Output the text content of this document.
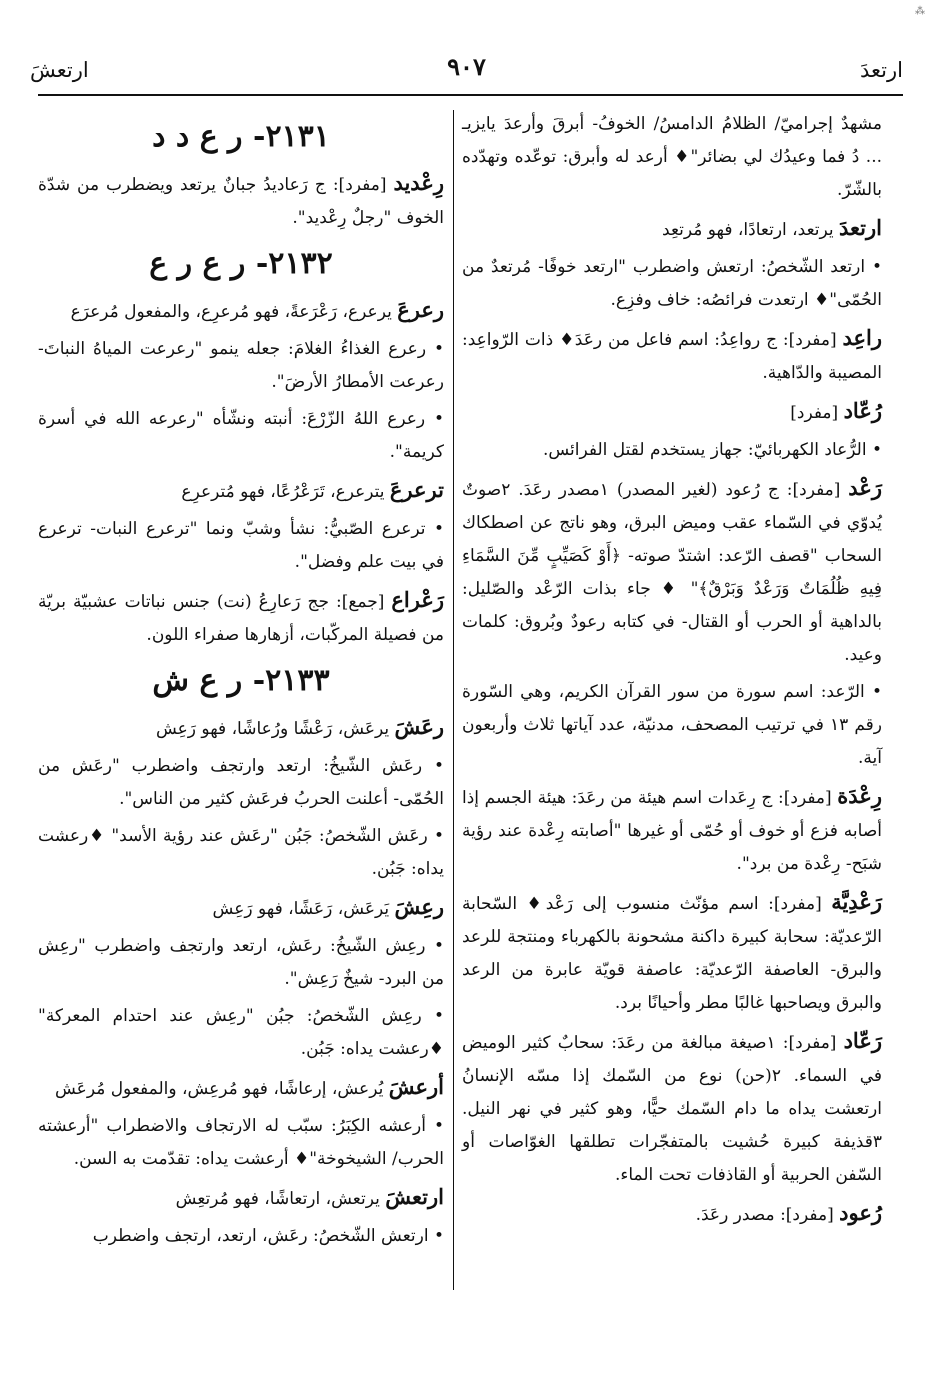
⁂
ارتعشَ	٩٠٧	ارتعدَ

مشهدٌ إجراميّ/ الظلامُ الدامسُ/ الخوفُ- أبرقَ وأرعدَ يايزيـ ... دُ فما وعيدُك لي بضائر"♦ أرعد له وأبرق: توعّده وتهدّده بالشّرّ.

ارتعدَ يرتعد، ارتعادًا، فهو مُرتعِد

• ارتعد الشّخصُ: ارتعش واضطرب "ارتعد خوفًا- مُرتعدٌ من الحُمّى"♦ ارتعدت فرائصُه: خاف وفزِع.

راعِد [مفرد]: ج رواعِدُ: اسم فاعل من رعَدَ♦ ذات الرّواعِد: المصيبة والدّاهية.

رُعّاد [مفرد]

• الرُّعاد الكهربائيّ: جهاز يستخدم لقتل الفرائس.

رَعْد [مفرد]: ج رُعود (لغير المصدر) ١مصدر رعَدَ. ٢صوتٌ يُدوّي في السّماء عقب وميض البرق، وهو ناتج عن اصطكاك السحاب "قصف الرّعد: اشتدّ صوته- ﴿أَوْ كَصَيِّبٍ مِّنَ السَّمَاءِ فِيهِ ظُلُمَاتٌ وَرَعْدٌ وَبَرْقٌ﴾" ♦ جاء بذات الرّعْد والصّليل: بالداهية أو الحرب أو القتال- في كتابه رعودٌ وبُروق: كلمات وعيد.

• الرّعد: اسم سورة من سور القرآن الكريم، وهي السّورة رقم ١٣ في ترتيب المصحف، مدنيّة، عدد آياتها ثلاث وأربعون آية.

رِعْدَة [مفرد]: ج رِعَدات اسم هيئة من رعَدَ: هيئة الجسم إذا أصابه فزع أو خوف أو حُمّى أو غيرها "أصابته رِعْدة عند رؤية شبَح- رِعْدة من برد".

رَعْدِيَّة [مفرد]: اسم مؤنّث منسوب إلى رَعْد♦ السّحابة الرّعديّة: سحابة كبيرة داكنة مشحونة بالكهرباء ومنتجة للرعد والبرق- العاصفة الرّعديّة: عاصفة قويّة عابرة من الرعد والبرق ويصاحبها غالبًا مطر وأحيانًا برد.

رَعّاد [مفرد]: ١صيغة مبالغة من رعَدَ: سحابٌ كثير الوميض في السماء. ٢(حن) نوع من السّمك إذا مسّه الإنسانُ ارتعشت يداه ما دام السّمك حيًّا، وهو كثير في نهر النيل. ٣قذيفة كبيرة حُشيت بالمتفجّرات تطلقها الغوّاصات أو السّفن الحربية أو القاذفات تحت الماء.

رُعود [مفرد]: مصدر رعَدَ.

٢١٣١- ر ع د د

رِعْديد [مفرد]: ج رَعاديدُ جبانٌ يرتعد ويضطرب من شدّة الخوف "رجلٌ رِعْديد".

٢١٣٢- ر ع ر ع

رعرعَ يرعرع، رَعْرَعةً، فهو مُرعرِع، والمفعول مُرعرَع

• رعرع الغذاءُ الغلامَ: جعله ينمو "رعرعت المياهُ النباتَ- رعرعت الأمطارُ الأرضَ".

• رعرع اللهُ الزّرْعَ: أنبته ونشّأه "رعرعه الله في أسرة كريمة".

ترعرعَ يترعرع، تَرَعْرُعًا، فهو مُترعرِع

• ترعرع الصّبيُّ: نشأ وشبّ ونما "ترعرع النبات- ترعرع في بيت علم وفضل".

رَعْراع [جمع]: جج رَعارِعُ (نت) جنس نباتات عشبيّة بريّة من فصيلة المركّبات، أزهارها صفراء اللون.

٢١٣٣- ر ع ش

رعَشَ يرعَش، رَعْشًا ورُعاشًا، فهو رَعِش

• رعَش الشّيخُ: ارتعد وارتجف واضطرب "رعَش من الحُمّى- أعلنت الحربُ فرعَش كثير من الناس".

• رعَش الشّخصُ: جَبُن "رعَش عند رؤية الأسد" ♦رعشت يداه: جَبُن.

رعِشَ يَرعَش، رَعَشًا، فهو رَعِش

• رعِش الشّيخُ: رعَش، ارتعد وارتجف واضطرب "رعِش من البرد- شيخٌ رَعِش".

• رعِش الشّخصُ: جبُن "رعِش عند احتدام المعركة" ♦رعشت يداه: جَبُن.

أرعشَ يُرعش، إرعاشًا، فهو مُرعِش، والمفعول مُرعَش

• أرعشه الكِبَرُ: سبّب له الارتجاف والاضطراب "أرعشته الحرب/ الشيخوخة"♦ أرعشت يداه: تقدّمت به السن.

ارتعشَ يرتعش، ارتعاشًا، فهو مُرتعِش

• ارتعش الشّخصُ: رعَش، ارتعد، ارتجف واضطرب
